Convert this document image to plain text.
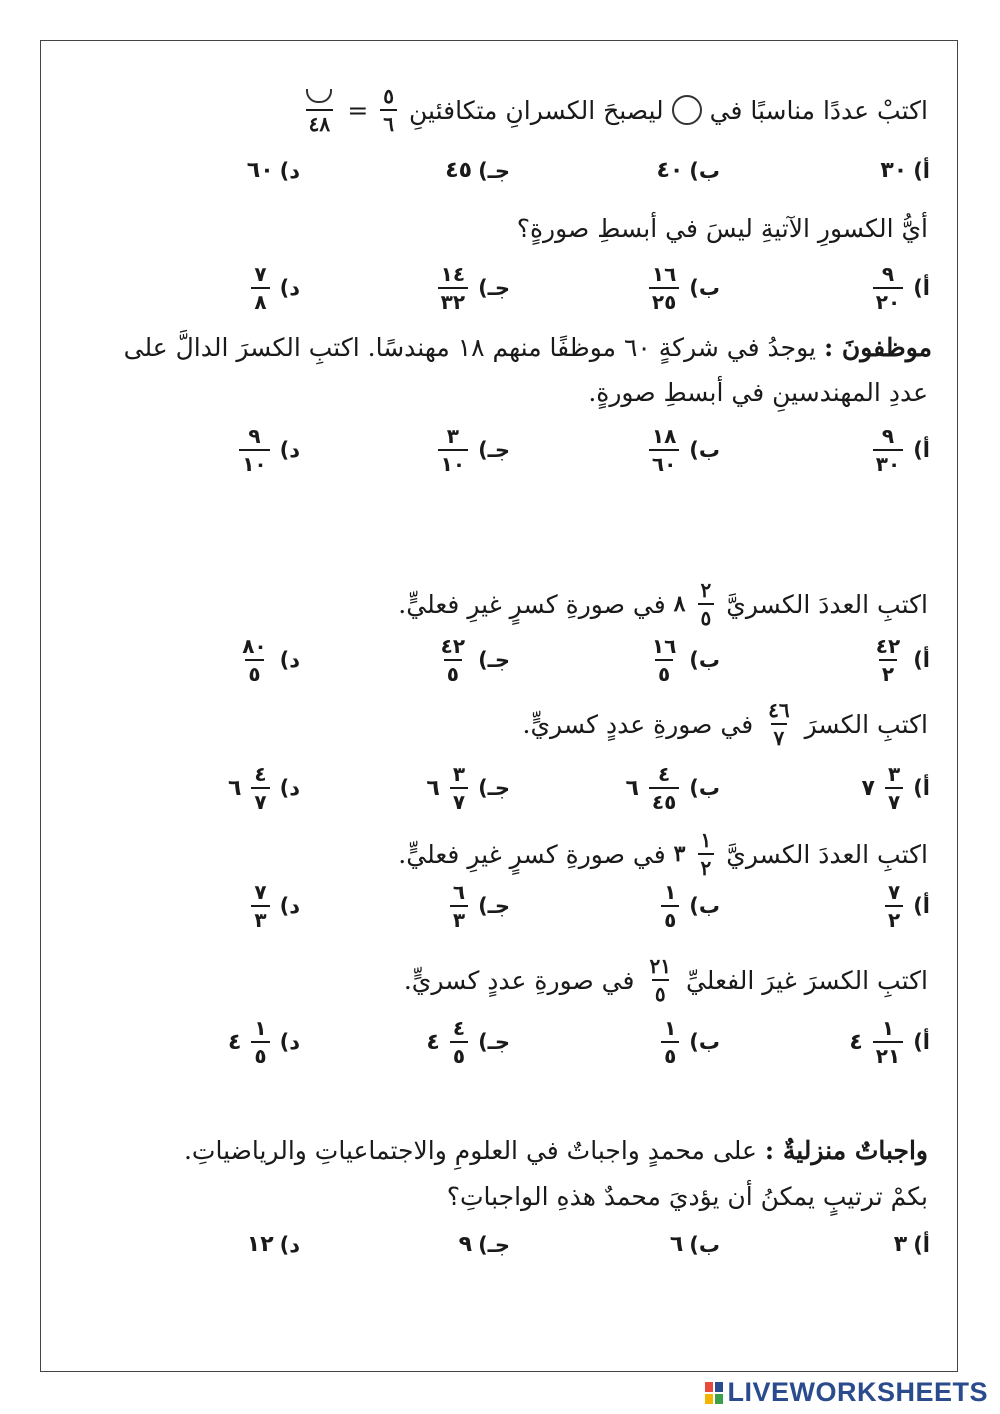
اكتبْ عددًا مناسبًا في
ليصبحَ الكسرانِ متكافئينِ
$\frac{٥}{٦}$
=
٤٨
أ)
٣٠
ب)
٤٠
جـ)
٤٥
د)
٦٠
أيُّ الكسورِ الآتيةِ ليسَ في أبسطِ صورةٍ؟
أ)
$\frac{٩}{٢٠}$
ب)
$\frac{١٦}{٢٥}$
جـ)
$\frac{١٤}{٣٢}$
د)
$\frac{٧}{٨}$
موظفونَ :
يوجدُ في شركةٍ ٦٠ موظفًا منهم ١٨ مهندسًا. اكتبِ الكسرَ الدالَّ على
عددِ المهندسينِ في أبسطِ صورةٍ.
أ)
$\frac{٩}{٣٠}$
ب)
$\frac{١٨}{٦٠}$
جـ)
$\frac{٣}{١٠}$
د)
$\frac{٩}{١٠}$
اكتبِ العددَ الكسريَّ
$\frac{٢}{٥}$
٨
في صورةِ كسرٍ غيرِ فعليٍّ.
أ)
$\frac{٤٢}{٢}$
ب)
$\frac{١٦}{٥}$
جـ)
$\frac{٤٢}{٥}$
د)
$\frac{٨٠}{٥}$
اكتبِ الكسرَ
$\frac{٤٦}{٧}$
في صورةِ عددٍ كسريٍّ.
أ)
$\frac{٣}{٧}$
٧
ب)
$\frac{٤}{٤٥}$
٦
جـ)
$\frac{٣}{٧}$
٦
د)
$\frac{٤}{٧}$
٦
اكتبِ العددَ الكسريَّ
$\frac{١}{٢}$
٣
في صورةِ كسرٍ غيرِ فعليٍّ.
أ)
$\frac{٧}{٢}$
ب)
$\frac{١}{٥}$
جـ)
$\frac{٦}{٣}$
د)
$\frac{٧}{٣}$
اكتبِ الكسرَ غيرَ الفعليِّ
$\frac{٢١}{٥}$
في صورةِ عددٍ كسريٍّ.
أ)
$\frac{١}{٢١}$
٤
ب)
$\frac{١}{٥}$
جـ)
$\frac{٤}{٥}$
٤
د)
$\frac{١}{٥}$
٤
واجباتٌ منزليةٌ :
على محمدٍ واجباتٌ في العلومِ والاجتماعياتِ والرياضياتِ.
بكمْ ترتيبٍ يمكنُ أن يؤديَ محمدٌ هذهِ الواجباتِ؟
أ)
٣
ب)
٦
جـ)
٩
د)
١٢
LIVEWORKSHEETS
